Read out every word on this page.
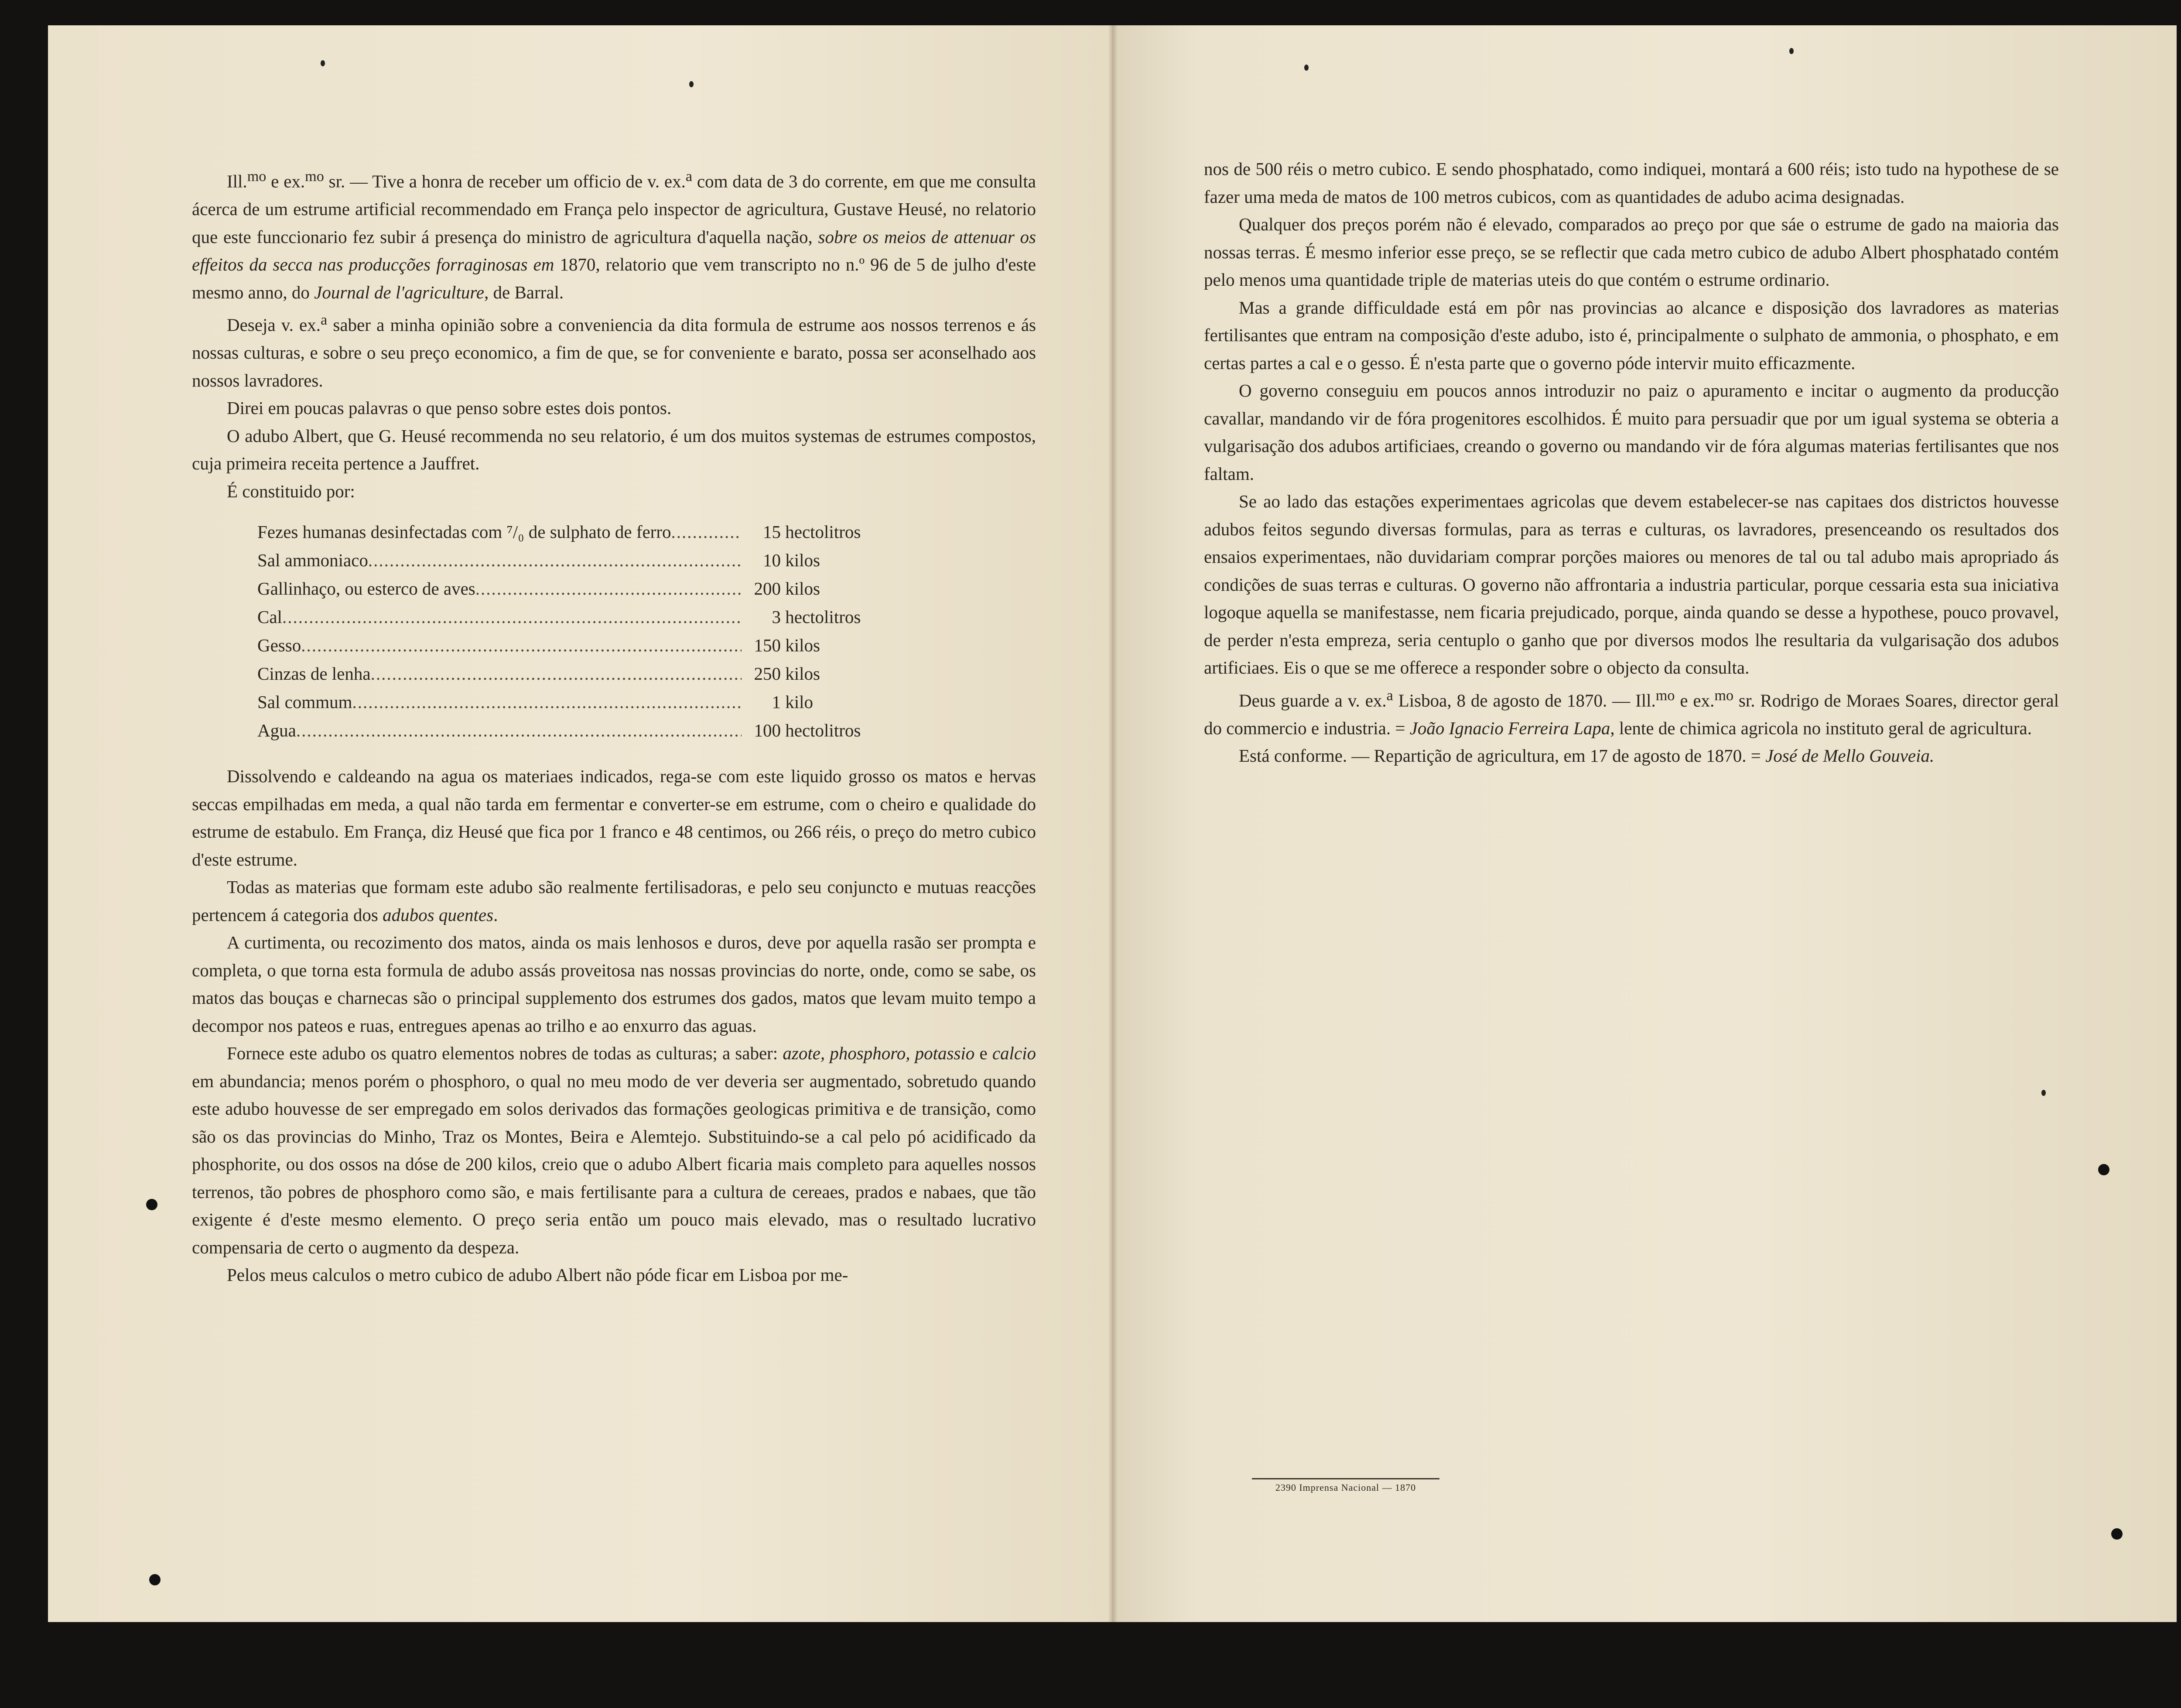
Ill.$^{mo}$ e ex.$^{mo}$ sr. — Tive a honra de receber um officio de v. ex.$^a$ com data de 3 do corrente, em que me consulta ácerca de um estrume artificial recommendado em França pelo inspector de agricultura, Gustave Heusé, no relatorio que este funccionario fez subir á presença do ministro de agricultura d'aquella nação, sobre os meios de attenuar os effeitos da secca nas producções forraginosas em 1870, relatorio que vem transcripto no n.º 96 de 5 de julho d'este mesmo anno, do Journal de l'agriculture, de Barral.

Deseja v. ex.$^a$ saber a minha opinião sobre a conveniencia da dita formula de estrume aos nossos terrenos e ás nossas culturas, e sobre o seu preço economico, a fim de que, se for conveniente e barato, possa ser aconselhado aos nossos lavradores.

Direi em poucas palavras o que penso sobre estes dois pontos.

O adubo Albert, que G. Heusé recommenda no seu relatorio, é um dos muitos systemas de estrumes compostos, cuja primeira receita pertence a Jauffret.

É constituido por:

Fezes humanas desinfectadas com ⁷/₀ de sulphato de ferro .....	15 hectolitros
Sal ammoniaco .....	10 kilos
Gallinhaço, ou esterco de aves .....	200 kilos
Cal .....	3 hectolitros
Gesso .....	150 kilos
Cinzas de lenha .....	250 kilos
Sal commum .....	1 kilo
Agua .....	100 hectolitros

Dissolvendo e caldeando na agua os materiaes indicados, rega-se com este liquido grosso os matos e hervas seccas empilhadas em meda, a qual não tarda em fermentar e converter-se em estrume, com o cheiro e qualidade do estrume de estabulo. Em França, diz Heusé que fica por 1 franco e 48 centimos, ou 266 réis, o preço do metro cubico d'este estrume.

Todas as materias que formam este adubo são realmente fertilisadoras, e pelo seu conjuncto e mutuas reacções pertencem á categoria dos adubos quentes.

A curtimenta, ou recozimento dos matos, ainda os mais lenhosos e duros, deve por aquella rasão ser prompta e completa, o que torna esta formula de adubo assás proveitosa nas nossas provincias do norte, onde, como se sabe, os matos das bouças e charnecas são o principal supplemento dos estrumes dos gados, matos que levam muito tempo a decompor nos pateos e ruas, entregues apenas ao trilho e ao enxurro das aguas.

Fornece este adubo os quatro elementos nobres de todas as culturas; a saber: azote, phosphoro, potassio e calcio em abundancia; menos porém o phosphoro, o qual no meu modo de ver deveria ser augmentado, sobretudo quando este adubo houvesse de ser empregado em solos derivados das formações geologicas primitiva e de transição, como são os das provincias do Minho, Traz os Montes, Beira e Alemtejo. Substituindo-se a cal pelo pó acidificado da phosphorite, ou dos ossos na dóse de 200 kilos, creio que o adubo Albert ficaria mais completo para aquelles nossos terrenos, tão pobres de phosphoro como são, e mais fertilisante para a cultura de cereaes, prados e nabaes, que tão exigente é d'este mesmo elemento. O preço seria então um pouco mais elevado, mas o resultado lucrativo compensaria de certo o augmento da despeza.

Pelos meus calculos o metro cubico de adubo Albert não póde ficar em Lisboa por me-

nos de 500 réis o metro cubico. E sendo phosphatado, como indiquei, montará a 600 réis; isto tudo na hypothese de se fazer uma meda de matos de 100 metros cubicos, com as quantidades de adubo acima designadas.

Qualquer dos preços porém não é elevado, comparados ao preço por que sáe o estrume de gado na maioria das nossas terras. É mesmo inferior esse preço, se se reflectir que cada metro cubico de adubo Albert phosphatado contém pelo menos uma quantidade triple de materias uteis do que contém o estrume ordinario.

Mas a grande difficuldade está em pôr nas provincias ao alcance e disposição dos lavradores as materias fertilisantes que entram na composição d'este adubo, isto é, principalmente o sulphato de ammonia, o phosphato, e em certas partes a cal e o gesso. É n'esta parte que o governo póde intervir muito efficazmente.

O governo conseguiu em poucos annos introduzir no paiz o apuramento e incitar o augmento da producção cavallar, mandando vir de fóra progenitores escolhidos. É muito para persuadir que por um igual systema se obteria a vulgarisação dos adubos artificiaes, creando o governo ou mandando vir de fóra algumas materias fertilisantes que nos faltam.

Se ao lado das estações experimentaes agricolas que devem estabelecer-se nas capitaes dos districtos houvesse adubos feitos segundo diversas formulas, para as terras e culturas, os lavradores, presenceando os resultados dos ensaios experimentaes, não duvidariam comprar porções maiores ou menores de tal ou tal adubo mais apropriado ás condições de suas terras e culturas. O governo não affrontaria a industria particular, porque cessaria esta sua iniciativa logoque aquella se manifestasse, nem ficaria prejudicado, porque, ainda quando se desse a hypothese, pouco provavel, de perder n'esta empreza, seria centuplo o ganho que por diversos modos lhe resultaria da vulgarisação dos adubos artificiaes. Eis o que se me offerece a responder sobre o objecto da consulta.

Deus guarde a v. ex.$^a$ Lisboa, 8 de agosto de 1870. — Ill.$^{mo}$ e ex.$^{mo}$ sr. Rodrigo de Moraes Soares, director geral do commercio e industria. = João Ignacio Ferreira Lapa, lente de chimica agricola no instituto geral de agricultura.

Está conforme. — Repartição de agricultura, em 17 de agosto de 1870. = José de Mello Gouveia.

2390 Imprensa Nacional — 1870
